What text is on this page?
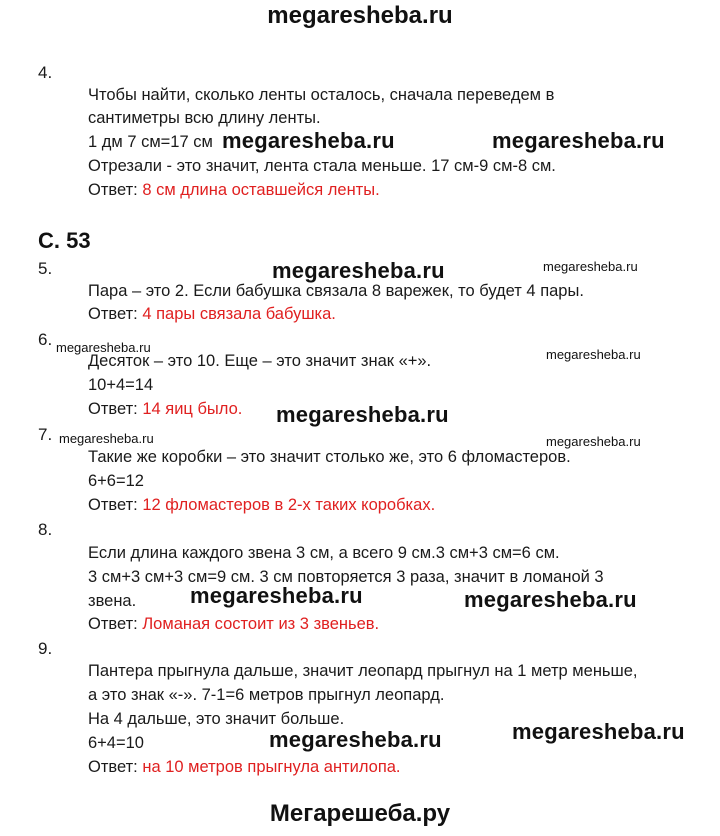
megaresheba.ru
Мегарешеба.ру
4.
Чтобы найти, сколько ленты осталось, сначала переведем в
сантиметры всю длину ленты.
1 дм 7 см=17 см
Отрезали - это значит, лента стала меньше. 17 см-9 см-8 см.
Ответ: 8 см длина оставшейся ленты.
С. 53
5.
Пара – это 2. Если бабушка связала 8 варежек, то будет 4 пары.
Ответ: 4 пары связала бабушка.
6.
Десяток – это 10. Еще – это значит знак «+».
10+4=14
Ответ: 14 яиц было.
7.
Такие же коробки – это значит столько же, это 6 фломастеров.
6+6=12
Ответ: 12 фломастеров в 2-х таких коробках.
8.
Если длина каждого звена 3 см, а всего 9 см.3 см+3 см=6 см.
3 см+3 см+3 см=9 см. 3 см повторяется 3 раза, значит в ломаной 3
звена.
Ответ: Ломаная состоит из 3 звеньев.
9.
Пантера прыгнула дальше, значит леопард прыгнул на 1 метр меньше,
а это знак «-». 7-1=6 метров прыгнул леопард.
На 4 дальше, это значит больше.
6+4=10
Ответ: на 10 метров прыгнула антилопа.
megaresheba.ru	megaresheba.ru
megaresheba.ru	megaresheba.ru
megaresheba.ru	megaresheba.ru
megaresheba.ru
megaresheba.ru	megaresheba.ru
megaresheba.ru	megaresheba.ru
megaresheba.ru
megaresheba.ru
